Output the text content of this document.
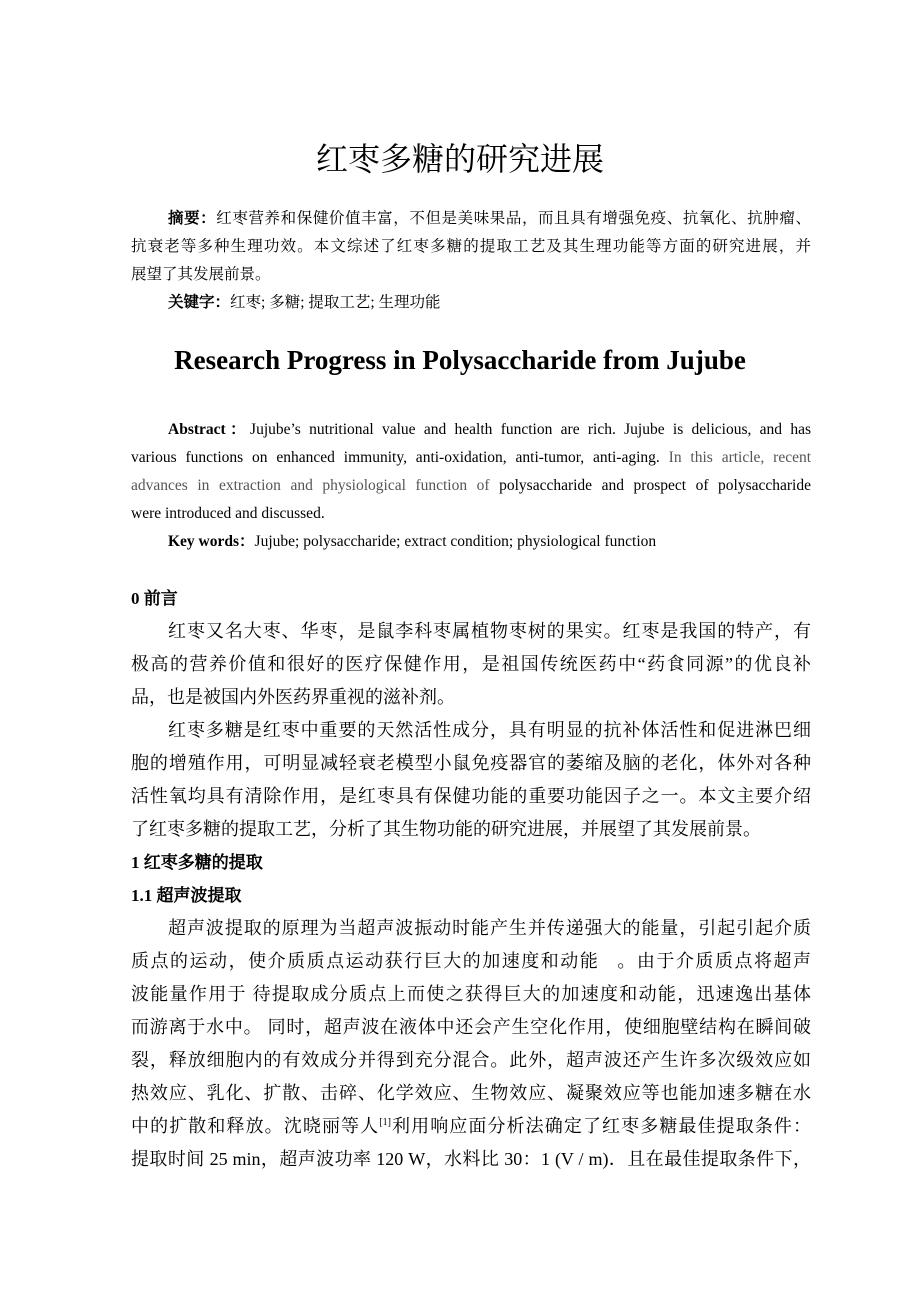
红枣多糖的研究进展
摘要：红枣营养和保健价值丰富，不但是美味果品，而且具有增强免疫、抗氧化、抗肿瘤、
抗衰老等多种生理功效。本文综述了红枣多糖的提取工艺及其生理功能等方面的研究进展，并
展望了其发展前景。
关键字：红枣; 多糖; 提取工艺; 生理功能
Research Progress in Polysaccharide from Jujube
Abstract：Jujube’s nutritional value and health function are rich. Jujube is delicious, and has
various functions on enhanced immunity, anti-oxidation, anti-tumor, anti-aging. In this article, recent
advances in extraction and physiological function of polysaccharide and prospect of polysaccharide
were introduced and discussed.
Key words：Jujube; polysaccharide; extract condition; physiological function
0 前言
红枣又名大枣、华枣，是鼠李科枣属植物枣树的果实。红枣是我国的特产，有
极高的营养价值和很好的医疗保健作用，是祖国传统医药中“药食同源”的优良补
品，也是被国内外医药界重视的滋补剂。
红枣多糖是红枣中重要的天然活性成分，具有明显的抗补体活性和促进淋巴细
胞的增殖作用，可明显减轻衰老模型小鼠免疫器官的萎缩及脑的老化，体外对各种
活性氧均具有清除作用，是红枣具有保健功能的重要功能因子之一。本文主要介绍
了红枣多糖的提取工艺，分析了其生物功能的研究进展，并展望了其发展前景。
1 红枣多糖的提取
1.1 超声波提取
超声波提取的原理为当超声波振动时能产生并传递强大的能量，引起引起介质
质点的运动，使介质质点运动获行巨大的加速度和动能   。由于介质质点将超声
波能量作用于 待提取成分质点上而使之获得巨大的加速度和动能，迅速逸出基体
而游离于水中。 同时，超声波在液体中还会产生空化作用，使细胞壁结构在瞬间破
裂，释放细胞内的有效成分并得到充分混合。此外，超声波还产生许多次级效应如
热效应、乳化、扩散、击碎、化学效应、生物效应、凝聚效应等也能加速多糖在水
中的扩散和释放。沈晓丽等人[1]利用响应面分析法确定了红枣多糖最佳提取条件：
提取时间 25 min，超声波功率 120 W，水料比 30：1 (V / m)．且在最佳提取条件下，
